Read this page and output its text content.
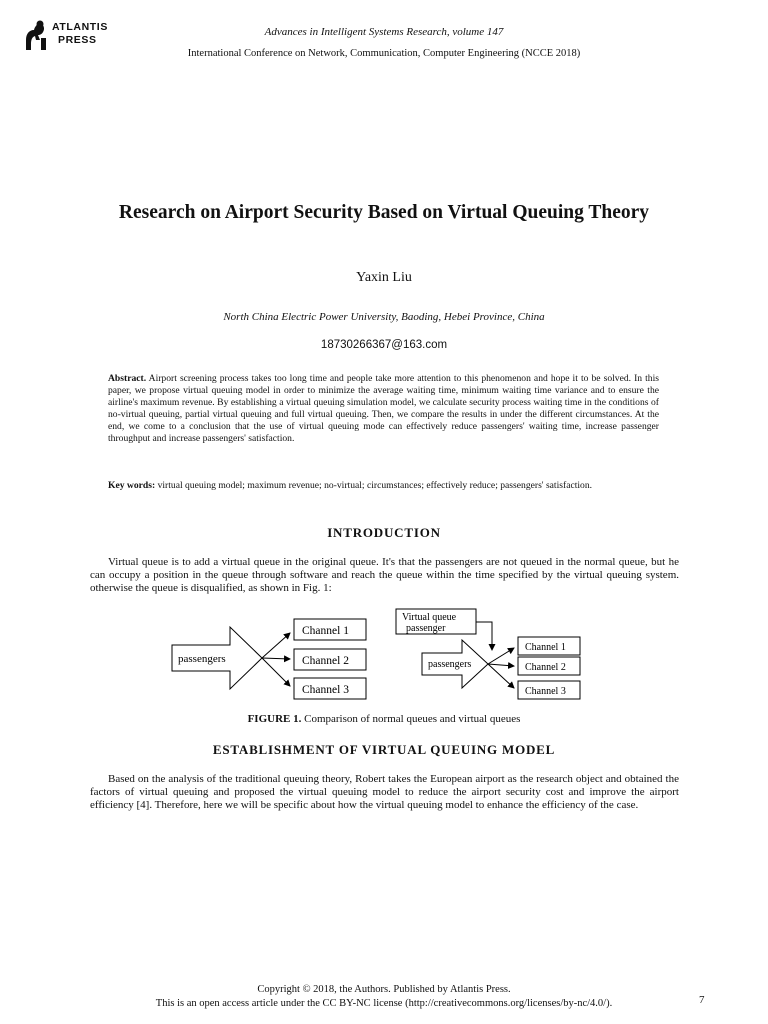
ATLANTIS
PRESS
Advances in Intelligent Systems Research, volume 147
International Conference on Network, Communication, Computer Engineering (NCCE 2018)
Research on Airport Security Based on Virtual Queuing Theory
Yaxin Liu
North China Electric Power University, Baoding, Hebei Province, China
18730266367@163.com
Abstract. Airport screening process takes too long time and people take more attention to this phenomenon and hope it to be solved. In this paper, we propose virtual queuing model in order to minimize the average waiting time, minimum waiting time variance and to ensure the airline's maximum revenue. By establishing a virtual queuing simulation model, we calculate security process waiting time in the conditions of no-virtual queuing, partial virtual queuing and full virtual queuing. Then, we compare the results in under the different circumstances. At the end, we come to a conclusion that the use of virtual queuing mode can effectively reduce passengers' waiting time, increase passenger throughput and increase passengers' satisfaction.
Key words: virtual queuing model; maximum revenue; no-virtual; circumstances; effectively reduce; passengers' satisfaction.
INTRODUCTION
Virtual queue is to add a virtual queue in the original queue. It's that the passengers are not queued in the normal queue, but he can occupy a position in the queue through software and reach the queue within the time specified by the virtual queuing system. otherwise the queue is disqualified, as shown in Fig. 1:
passengers
Channel 1
Channel 2
Channel 3
Virtual queue
passenger
passengers
Channel 1
Channel 2
Channel 3
FIGURE 1. Comparison of normal queues and virtual queues
ESTABLISHMENT OF VIRTUAL QUEUING MODEL
Based on the analysis of the traditional queuing theory, Robert takes the European airport as the research object and obtained the factors of virtual queuing and proposed the virtual queuing model to reduce the airport security cost and improve the airport efficiency [4]. Therefore, here we will be specific about how the virtual queuing model to enhance the efficiency of the case.
Copyright © 2018, the Authors. Published by Atlantis Press.
This is an open access article under the CC BY-NC license (http://creativecommons.org/licenses/by-nc/4.0/).	7
